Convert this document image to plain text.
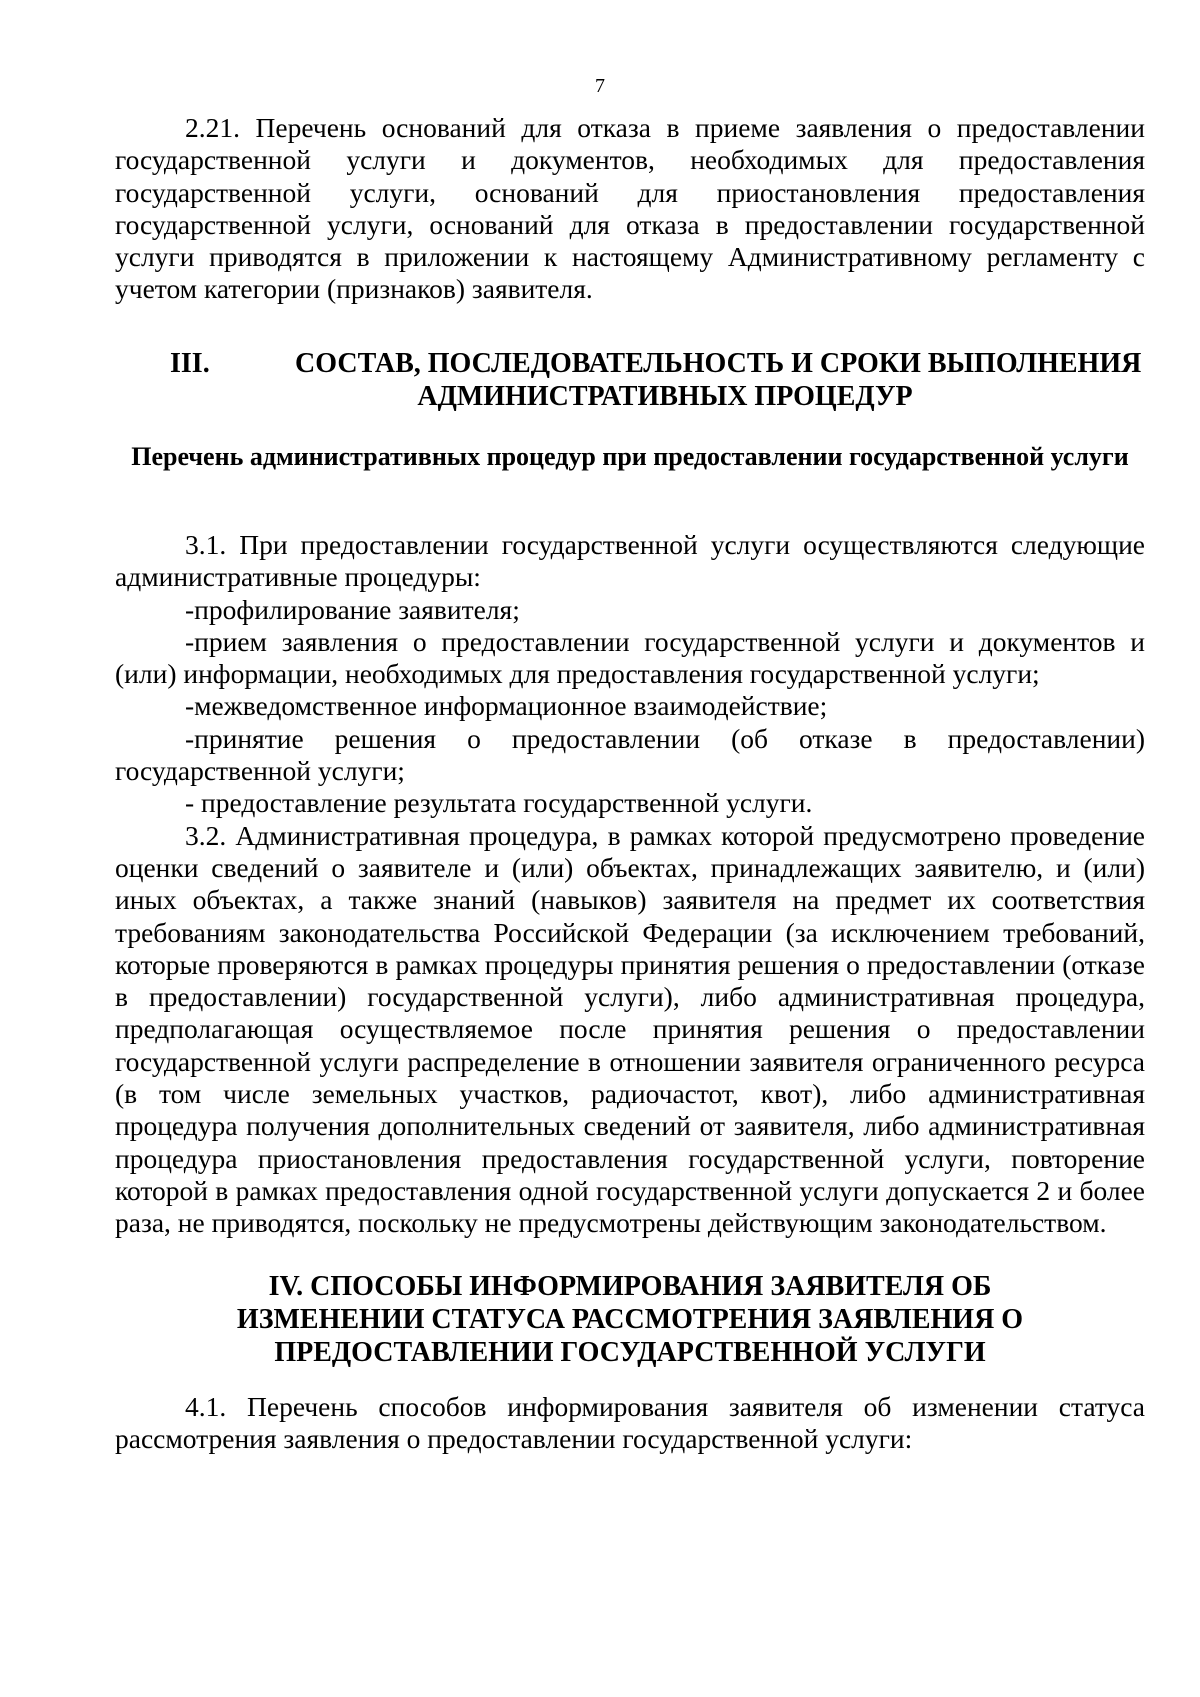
7

2.21. Перечень оснований для отказа в приеме заявления о предоставлении государственной услуги и документов, необходимых для предоставления государственной услуги, оснований для приостановления предоставления государственной услуги, оснований для отказа в предоставлении государственной услуги приводятся в приложении к настоящему Административному регламенту с учетом категории (признаков) заявителя.

III.	СОСТАВ, ПОСЛЕДОВАТЕЛЬНОСТЬ И СРОКИ ВЫПОЛНЕНИЯ
АДМИНИСТРАТИВНЫХ ПРОЦЕДУР
Перечень административных процедур при предоставлении государственной услуги

3.1. При предоставлении государственной услуги осуществляются следующие административные процедуры:

-профилирование заявителя;

-прием заявления о предоставлении государственной услуги и документов и (или) информации, необходимых для предоставления государственной услуги;

-межведомственное информационное взаимодействие;

-принятие решения о предоставлении (об отказе в предоставлении) государственной услуги;

- предоставление результата государственной услуги.

3.2. Административная процедура, в рамках которой предусмотрено проведение оценки сведений о заявителе и (или) объектах, принадлежащих заявителю, и (или) иных объектах, а также знаний (навыков) заявителя на предмет их соответствия требованиям законодательства Российской Федерации (за исключением требований, которые проверяются в рамках процедуры принятия решения о предоставлении (отказе в предоставлении) государственной услуги), либо административная процедура, предполагающая осуществляемое после принятия решения о предоставлении государственной услуги распределение в отношении заявителя ограниченного ресурса (в том числе земельных участков, радиочастот, квот), либо административная процедура получения дополнительных сведений от заявителя, либо административная процедура приостановления предоставления государственной услуги, повторение которой в рамках предоставления одной государственной услуги допускается 2 и более раза, не приводятся, поскольку не предусмотрены действующим законодательством.

IV. СПОСОБЫ ИНФОРМИРОВАНИЯ ЗАЯВИТЕЛЯ ОБ ИЗМЕНЕНИИ СТАТУСА РАССМОТРЕНИЯ ЗАЯВЛЕНИЯ О ПРЕДОСТАВЛЕНИИ ГОСУДАРСТВЕННОЙ УСЛУГИ

4.1. Перечень способов информирования заявителя об изменении статуса рассмотрения заявления о предоставлении государственной услуги:
